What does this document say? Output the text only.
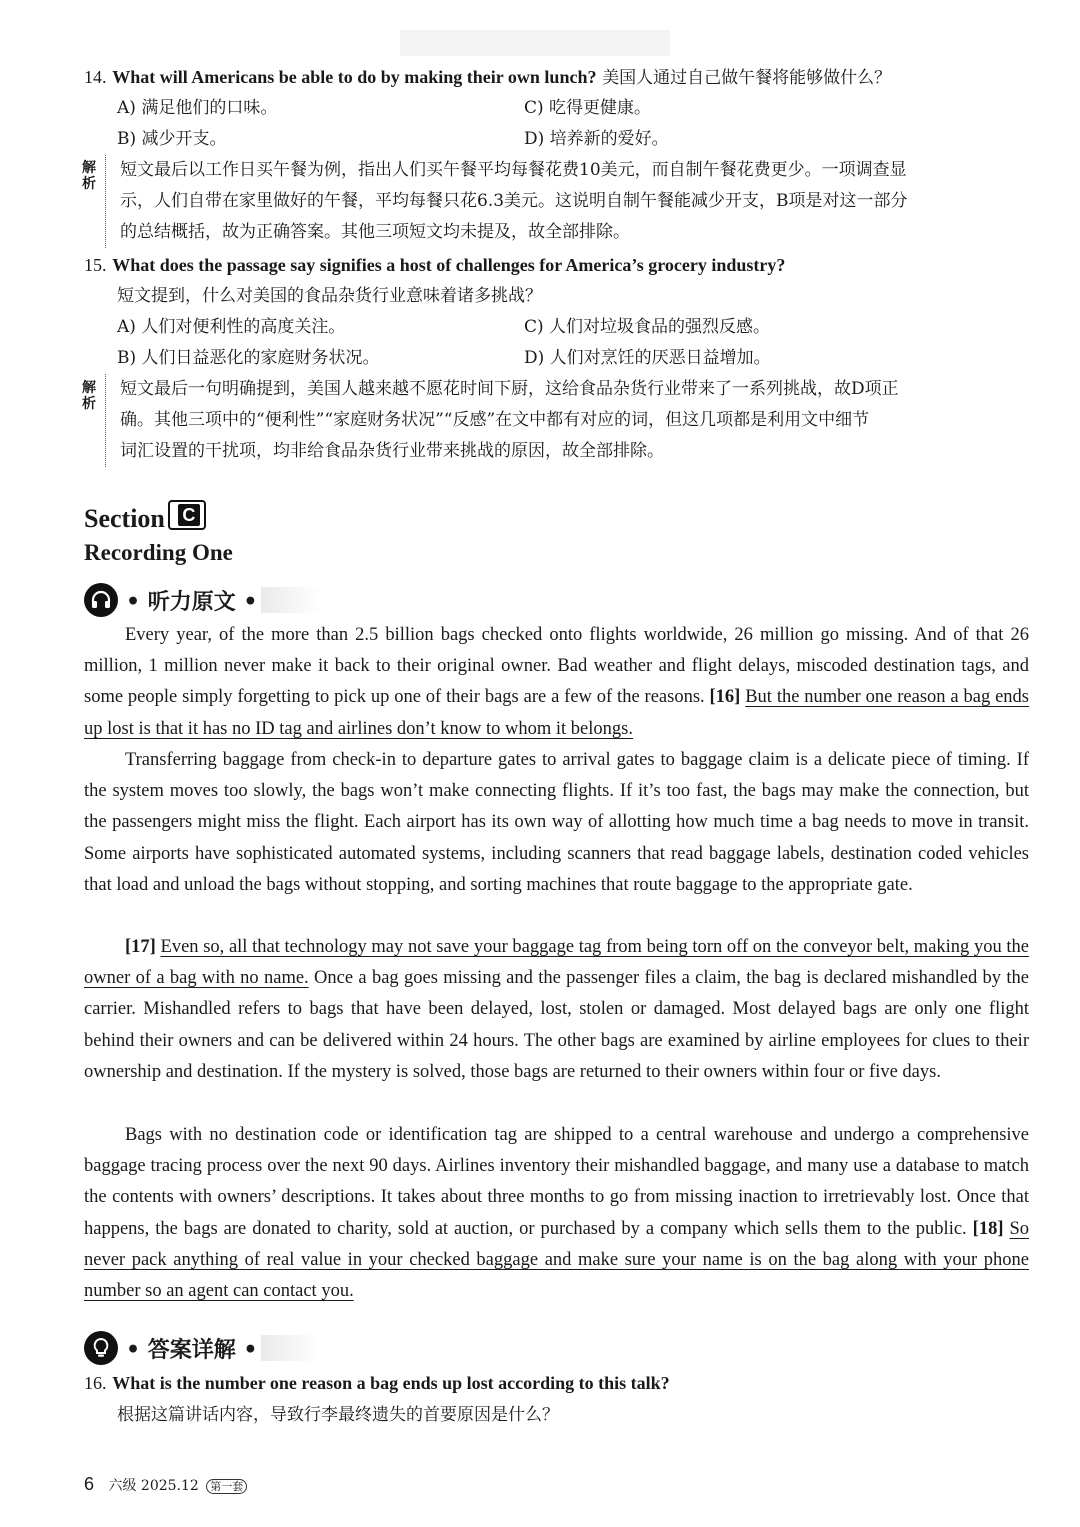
14. What will Americans be able to do by making their own lunch? 美国人通过自己做午餐将能够做什么？
A) 满足他们的口味。	C) 吃得更健康。
B) 减少开支。	D) 培养新的爱好。
解析
短文最后以工作日买午餐为例，指出人们买午餐平均每餐花费10美元，而自制午餐花费更少。一项调查显
示，人们自带在家里做好的午餐，平均每餐只花6.3美元。这说明自制午餐能减少开支，B项是对这一部分
的总结概括，故为正确答案。其他三项短文均未提及，故全部排除。
15. What does the passage say signifies a host of challenges for America’s grocery industry?
短文提到，什么对美国的食品杂货行业意味着诸多挑战？
A) 人们对便利性的高度关注。	C) 人们对垃圾食品的强烈反感。
B) 人们日益恶化的家庭财务状况。	D) 人们对烹饪的厌恶日益增加。
解析
短文最后一句明确提到，美国人越来越不愿花时间下厨，这给食品杂货行业带来了一系列挑战，故D项正
确。其他三项中的“便利性”“家庭财务状况”“反感”在文中都有对应的词，但这几项都是利用文中细节
词汇设置的干扰项，均非给食品杂货行业带来挑战的原因，故全部排除。
Section C
Recording One
• 听力原文 •
Every year, of the more than 2.5 billion bags checked onto flights worldwide, 26 million go missing. And of that 26 million, 1 million never make it back to their original owner. Bad weather and flight delays, miscoded destination tags, and some people simply forgetting to pick up one of their bags are a few of the reasons. [16] But the number one reason a bag ends up lost is that it has no ID tag and airlines don’t know to whom it belongs.
Transferring baggage from check-in to departure gates to arrival gates to baggage claim is a delicate piece of timing. If the system moves too slowly, the bags won’t make connecting flights. If it’s too fast, the bags may make the connection, but the passengers might miss the flight. Each airport has its own way of allotting how much time a bag needs to move in transit. Some airports have sophisticated automated systems, including scanners that read baggage labels, destination coded vehicles that load and unload the bags without stopping, and sorting machines that route baggage to the appropriate gate.
[17] Even so, all that technology may not save your baggage tag from being torn off on the conveyor belt, making you the owner of a bag with no name. Once a bag goes missing and the passenger files a claim, the bag is declared mishandled by the carrier. Mishandled refers to bags that have been delayed, lost, stolen or damaged. Most delayed bags are only one flight behind their owners and can be delivered within 24 hours. The other bags are examined by airline employees for clues to their ownership and destination. If the mystery is solved, those bags are returned to their owners within four or five days.
Bags with no destination code or identification tag are shipped to a central warehouse and undergo a comprehensive baggage tracing process over the next 90 days. Airlines inventory their mishandled baggage, and many use a database to match the contents with owners’ descriptions. It takes about three months to go from missing inaction to irretrievably lost. Once that happens, the bags are donated to charity, sold at auction, or purchased by a company which sells them to the public. [18] So never pack anything of real value in your checked baggage and make sure your name is on the bag along with your phone number so an agent can contact you.
• 答案详解 •
16. What is the number one reason a bag ends up lost according to this talk?
根据这篇讲话内容，导致行李最终遗失的首要原因是什么？
6 六级 2025.12 第一套
